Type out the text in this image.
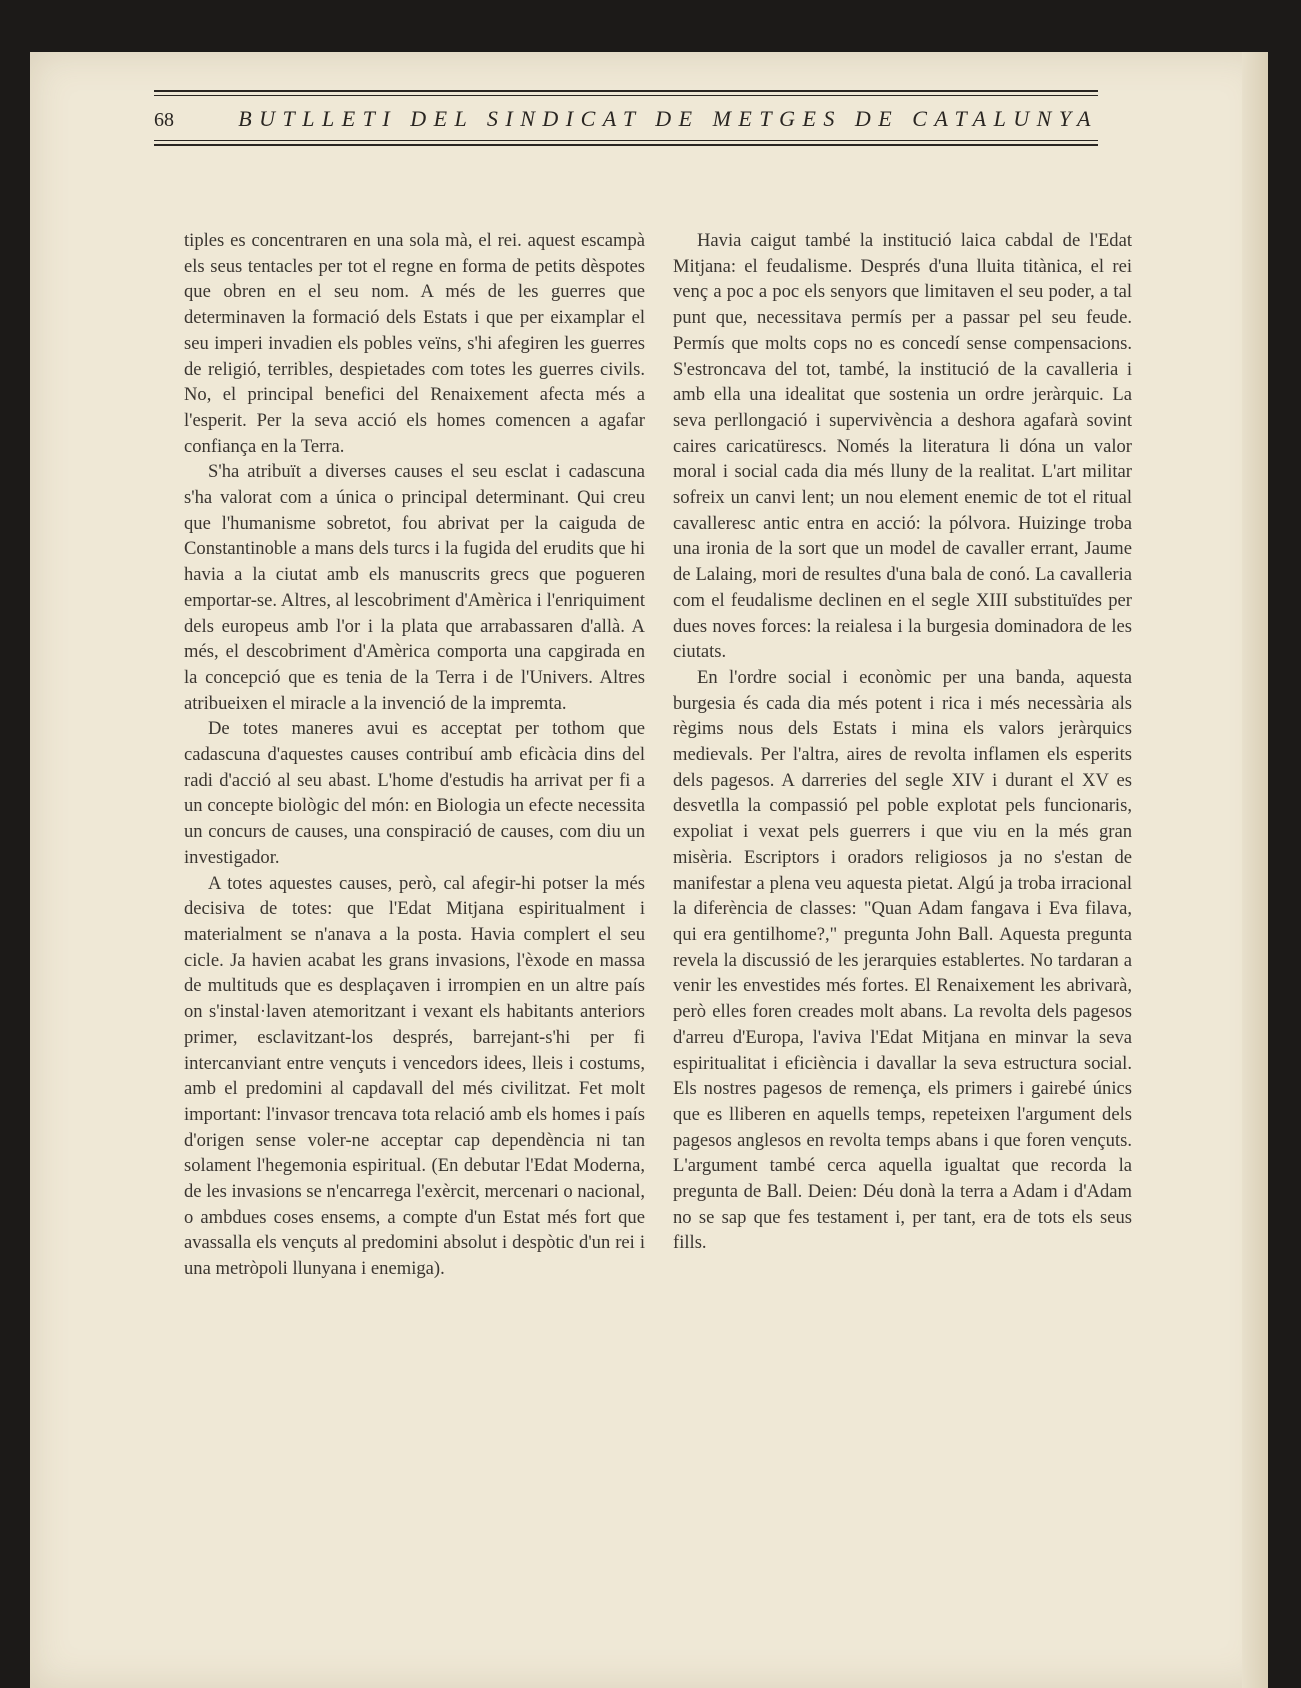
68	BUTLLETI DEL SINDICAT DE METGES DE CATALUNYA

tiples es concentraren en una sola mà, el rei. aquest escampà els seus tentacles per tot el regne en forma de petits dèspotes que obren en el seu nom. A més de les guerres que determinaven la formació dels Estats i que per eixamplar el seu imperi invadien els pobles veïns, s'hi afegiren les guerres de religió, terribles, despietades com totes les guerres civils. No, el principal benefici del Renaixement afecta més a l'esperit. Per la seva acció els homes comencen a agafar confiança en la Terra.

S'ha atribuït a diverses causes el seu esclat i cadascuna s'ha valorat com a única o principal determinant. Qui creu que l'humanisme sobretot, fou abrivat per la caiguda de Constantinoble a mans dels turcs i la fugida del erudits que hi havia a la ciutat amb els manuscrits grecs que pogueren emportar-se. Altres, al lescobriment d'Amèrica i l'enriquiment dels europeus amb l'or i la plata que arrabassaren d'allà. A més, el descobriment d'Amèrica comporta una capgirada en la concepció que es tenia de la Terra i de l'Univers. Altres atribueixen el miracle a la invenció de la impremta.

De totes maneres avui es acceptat per tothom que cadascuna d'aquestes causes contribuí amb eficàcia dins del radi d'acció al seu abast. L'home d'estudis ha arrivat per fi a un concepte biològic del món: en Biologia un efecte necessita un concurs de causes, una conspiració de causes, com diu un investigador.

A totes aquestes causes, però, cal afegir-hi potser la més decisiva de totes: que l'Edat Mitjana espiritualment i materialment se n'anava a la posta. Havia complert el seu cicle. Ja havien acabat les grans invasions, l'èxode en massa de multituds que es desplaçaven i irrompien en un altre país on s'instal·laven atemoritzant i vexant els habitants anteriors primer, esclavitzant-los després, barrejant-s'hi per fi intercanviant entre vençuts i vencedors idees, lleis i costums, amb el predomini al capdavall del més civilitzat. Fet molt important: l'invasor trencava tota relació amb els homes i país d'origen sense voler-ne acceptar cap dependència ni tan solament l'hegemonia espiritual. (En debutar l'Edat Moderna, de les invasions se n'encarrega l'exèrcit, mercenari o nacional, o ambdues coses ensems, a compte d'un Estat més fort que avassalla els vençuts al predomini absolut i despòtic d'un rei i una metròpoli llunyana i enemiga).

Havia caigut també la institució laica cabdal de l'Edat Mitjana: el feudalisme. Després d'una lluita titànica, el rei venç a poc a poc els senyors que limitaven el seu poder, a tal punt que, necessitava permís per a passar pel seu feude. Permís que molts cops no es concedí sense compensacions. S'estroncava del tot, també, la institució de la cavalleria i amb ella una idealitat que sostenia un ordre jeràrquic. La seva perllongació i supervivència a deshora agafarà sovint caires caricatürescs. Només la literatura li dóna un valor moral i social cada dia més lluny de la realitat. L'art militar sofreix un canvi lent; un nou element enemic de tot el ritual cavalleresc antic entra en acció: la pólvora. Huizinge troba una ironia de la sort que un model de cavaller errant, Jaume de Lalaing, mori de resultes d'una bala de conó. La cavalleria com el feudalisme declinen en el segle XIII substituïdes per dues noves forces: la reialesa i la burgesia dominadora de les ciutats.

En l'ordre social i econòmic per una banda, aquesta burgesia és cada dia més potent i rica i més necessària als règims nous dels Estats i mina els valors jeràrquics medievals. Per l'altra, aires de revolta inflamen els esperits dels pagesos. A darreries del segle XIV i durant el XV es desvetlla la compassió pel poble explotat pels funcionaris, expoliat i vexat pels guerrers i que viu en la més gran misèria. Escriptors i oradors religiosos ja no s'estan de manifestar a plena veu aquesta pietat. Algú ja troba irracional la diferència de classes: "Quan Adam fangava i Eva filava, qui era gentilhome?," pregunta John Ball. Aquesta pregunta revela la discussió de les jerarquies establertes. No tardaran a venir les envestides més fortes. El Renaixement les abrivarà, però elles foren creades molt abans. La revolta dels pagesos d'arreu d'Europa, l'aviva l'Edat Mitjana en minvar la seva espiritualitat i eficiència i davallar la seva estructura social. Els nostres pagesos de remença, els primers i gairebé únics que es lliberen en aquells temps, repeteixen l'argument dels pagesos anglesos en revolta temps abans i que foren vençuts. L'argument també cerca aquella igualtat que recorda la pregunta de Ball. Deien: Déu donà la terra a Adam i d'Adam no se sap que fes testament i, per tant, era de tots els seus fills.
